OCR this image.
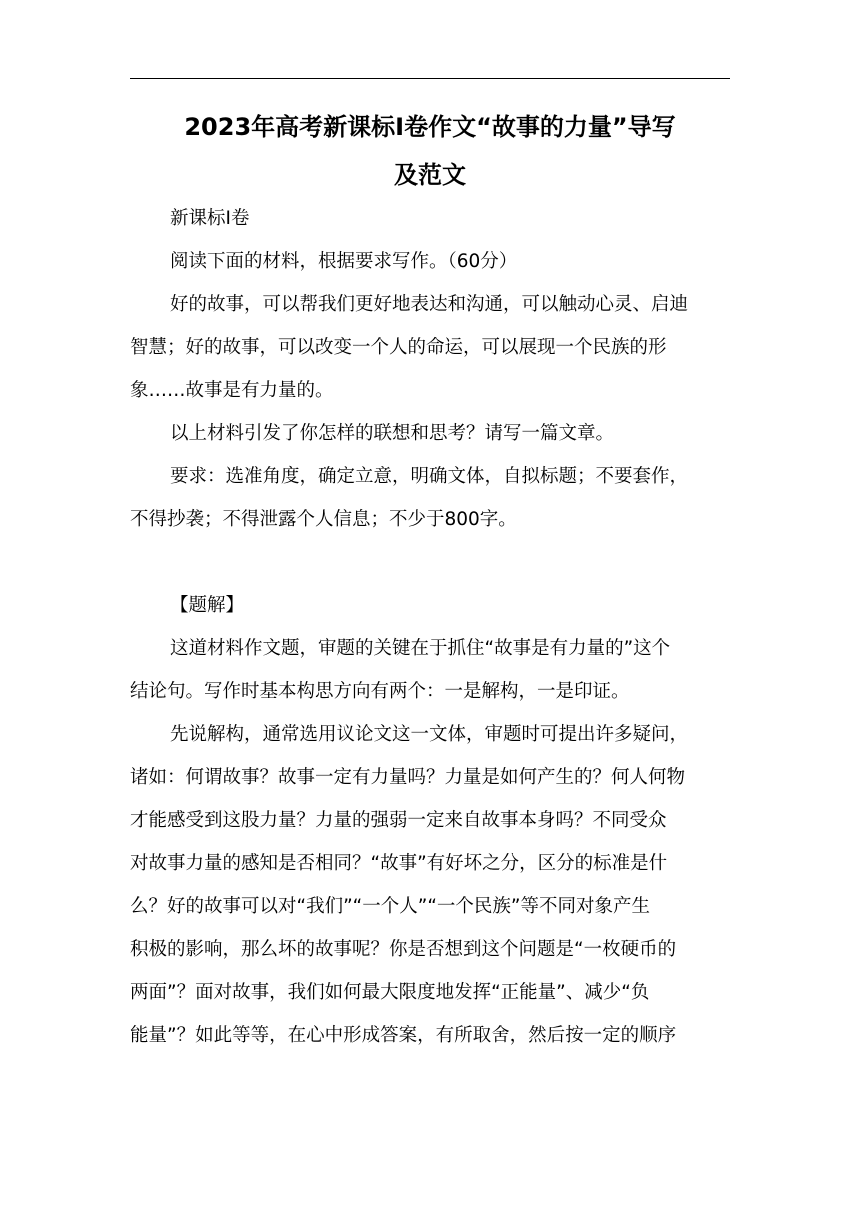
2023年高考新课标Ⅰ卷作文“故事的力量”导写
及范文
新课标Ⅰ卷
阅读下面的材料，根据要求写作。（60分）
好的故事，可以帮我们更好地表达和沟通，可以触动心灵、启迪
智慧；好的故事，可以改变一个人的命运，可以展现一个民族的形
象……故事是有力量的。
以上材料引发了你怎样的联想和思考？请写一篇文章。
要求：选准角度，确定立意，明确文体，自拟标题；不要套作，
不得抄袭；不得泄露个人信息；不少于800字。
【题解】
这道材料作文题，审题的关键在于抓住“故事是有力量的”这个
结论句。写作时基本构思方向有两个：一是解构，一是印证。
先说解构，通常选用议论文这一文体，审题时可提出许多疑问，
诸如：何谓故事？故事一定有力量吗？力量是如何产生的？何人何物
才能感受到这股力量？力量的强弱一定来自故事本身吗？不同受众
对故事力量的感知是否相同？“故事”有好坏之分，区分的标准是什
么？好的故事可以对“我们”“一个人”“一个民族”等不同对象产生
积极的影响，那么坏的故事呢？你是否想到这个问题是“一枚硬币的
两面”？面对故事，我们如何最大限度地发挥“正能量”、减少“负
能量”？如此等等，在心中形成答案，有所取舍，然后按一定的顺序
